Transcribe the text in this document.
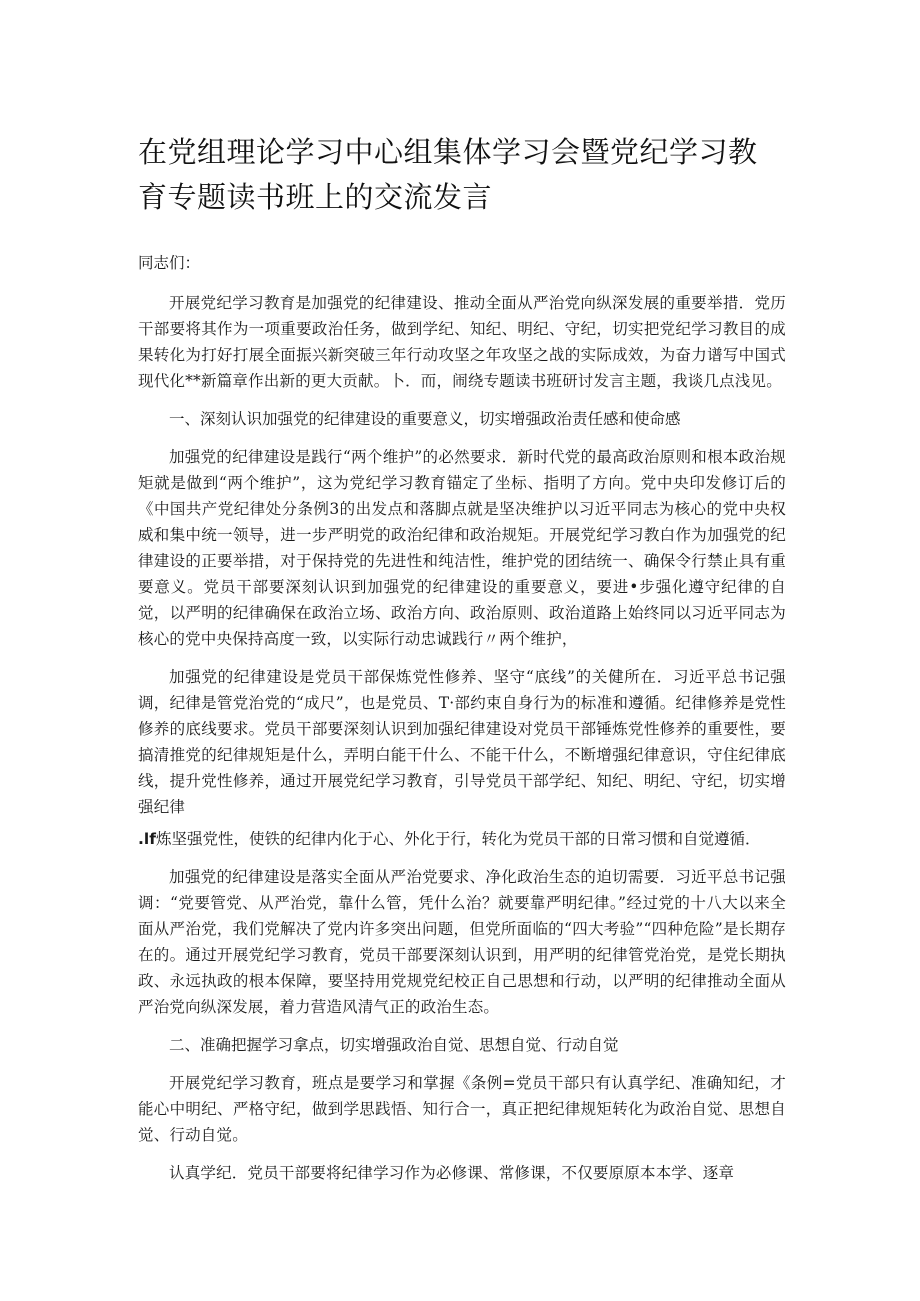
在党组理论学习中心组集体学习会暨党纪学习教育专题读书班上的交流发言
同志们：

开展党纪学习教育是加强党的纪律建设、推动全面从严治党向纵深发展的重要举措．党历干部要将其作为一项重要政治任务，做到学纪、知纪、明纪、守纪，切实把党纪学习教目的成果转化为打好打展全面振兴新突破三年行动攻坚之年攻坚之战的实际成效，为奋力谱写中国式现代化**新篇章作出新的更大贡献。卜．而，闹绕专题读书班研讨发言主题，我谈几点浅见。

一、深刻认识加强党的纪律建设的重要意义，切实增强政治责任感和使命感

加强党的纪律建设是践行“两个维护”的必然要求．新时代党的最高政治原则和根本政治规矩就是做到“两个维护”，这为党纪学习教育锚定了坐标、指明了方向。党中央印发修订后的《中国共产党纪律处分条例3的出发点和落脚点就是坚决维护以习近平同志为核心的党中央权威和集中统一领导，进一步严明党的政治纪律和政治规矩。开展党纪学习教白作为加强党的纪律建设的正要举措，对于保持党的先进性和纯洁性，维护党的团结统一、确保令行禁止具有重要意义。党员干部要深刻认识到加强党的纪律建设的重要意义，要进•步强化遵守纪律的自觉，以严明的纪律确保在政治立场、政治方向、政治原则、政治道路上始终同以习近平同志为核心的党中央保持高度一致，以实际行动忠诚践行〃两个维护，

加强党的纪律建设是党员干部保炼党性修养、坚守“底线”的关健所在．习近平总书记强调，纪律是管党治党的“成尺”，也是党员、T·部约束自身行为的标准和遵循。纪律修养是党性修养的底线要求。党员干部要深刻认识到加强纪律建设对党员干部锤炼党性修养的重要性，要搞清推党的纪律规矩是什么，弄明白能干什么、不能干什么，不断增强纪律意识，守住纪律底线，提升党性修养，通过开展党纪学习教育，引导党员干部学纪、知纪、明纪、守纪，切实增强纪律

.lf炼坚强党性，使铁的纪律内化于心、外化于行，转化为党员干部的日常习惯和自觉遵循．

加强党的纪律建设是落实全面从严治党要求、净化政治生态的迫切需要．习近平总书记强调：“党要管党、从严治党，靠什么管，凭什么治？就要靠严明纪律。”经过党的十八大以来全面从严治党，我们党解决了党内许多突出问题，但党所面临的“四大考验”“四种危险”是长期存在的。通过开展党纪学习教育，党员干部要深刻认识到，用严明的纪律管党治党，是党长期执政、永远执政的根本保障，要坚持用党规党纪校正自己思想和行动，以严明的纪律推动全面从严治党向纵深发展，着力营造风清气正的政治生态。

二、准确把握学习拿点，切实增强政治自觉、思想自觉、行动自觉

开展党纪学习教育，班点是要学习和掌握《条例=党员干部只有认真学纪、准确知纪，才能心中明纪、严格守纪，做到学思践悟、知行合一，真正把纪律规矩转化为政治自觉、思想自觉、行动自觉。

认真学纪．党员干部要将纪律学习作为必修课、常修课，不仅要原原本本学、逐章
